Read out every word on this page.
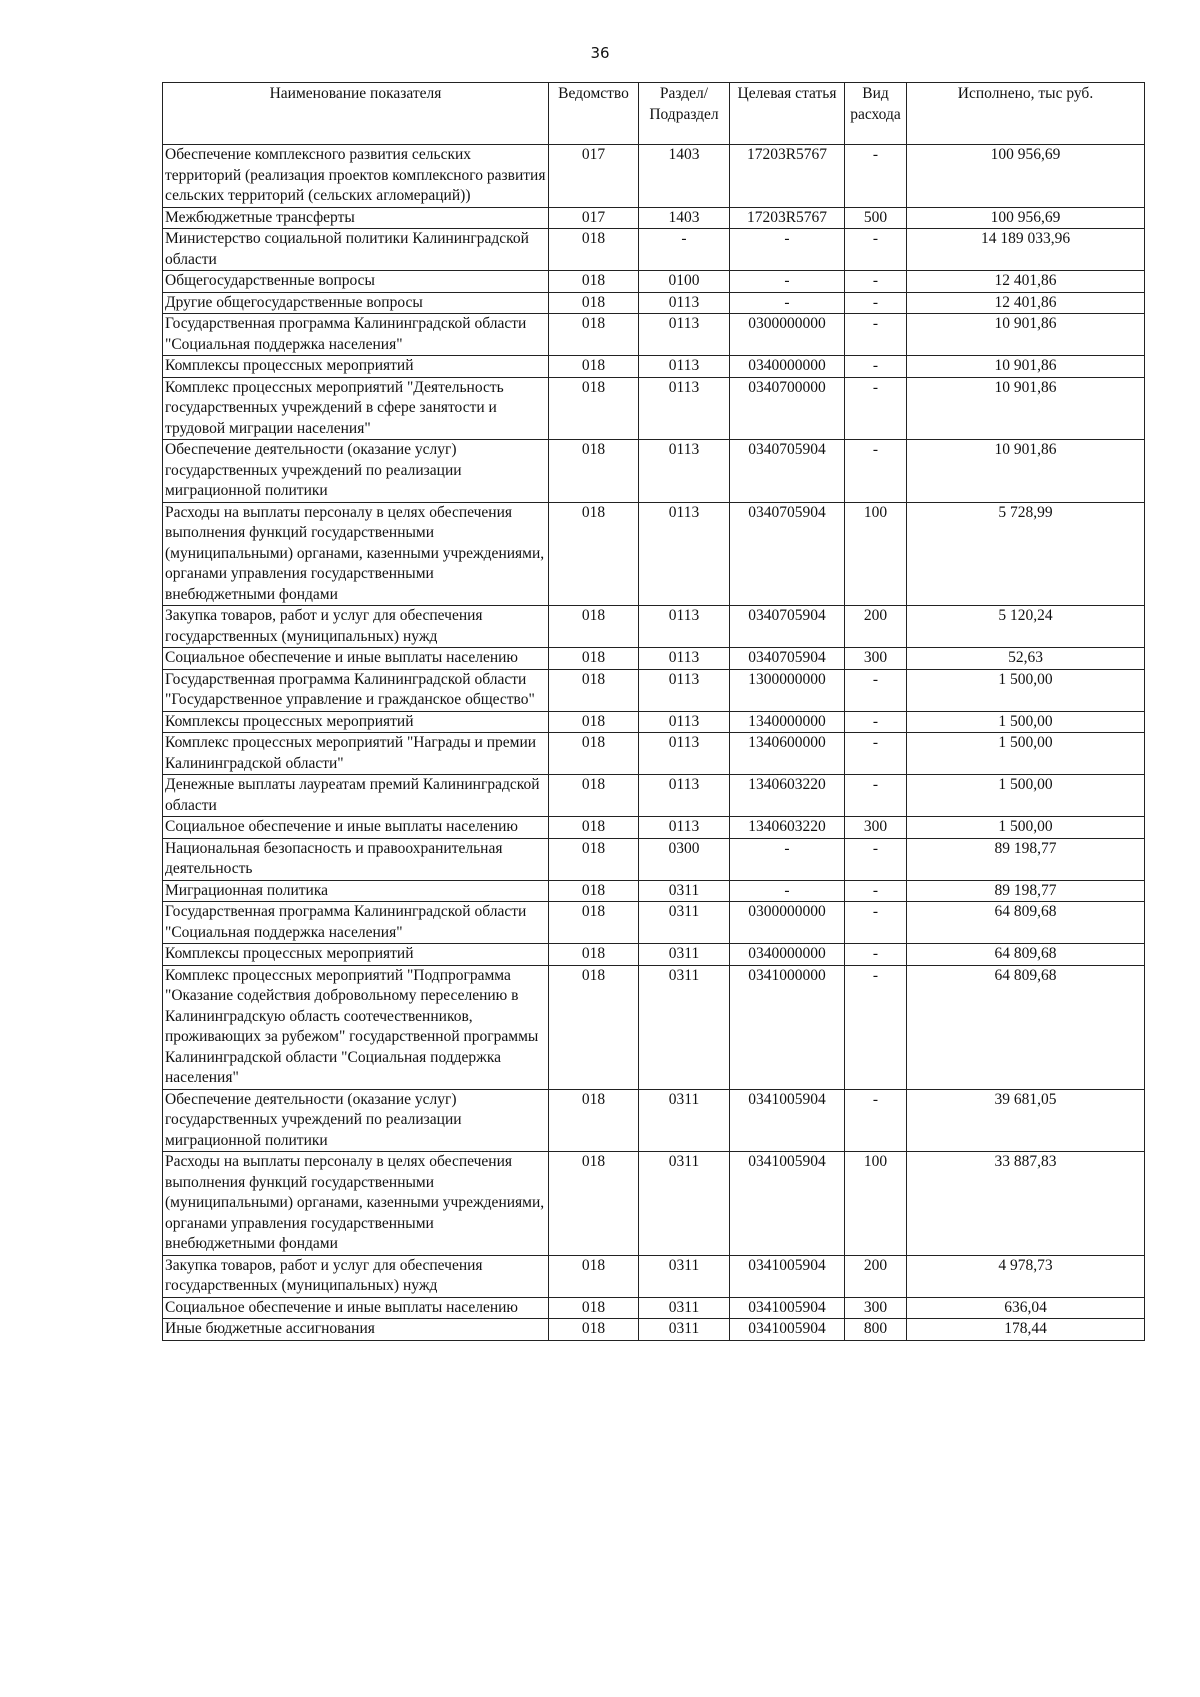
36
Наименование показателя	Ведомство	Раздел/ Подраздел	Целевая статья	Вид расхода	Исполнено, тыс руб.
Обеспечение комплексного развития сельских территорий (реализация проектов комплексного развития сельских территорий (сельских агломераций))	017	1403	17203R5767	-	100 956,69
Межбюджетные трансферты	017	1403	17203R5767	500	100 956,69
Министерство социальной политики Калининградской области	018	-	-	-	14 189 033,96
Общегосударственные вопросы	018	0100	-	-	12 401,86
Другие общегосударственные вопросы	018	0113	-	-	12 401,86
Государственная программа Калининградской области "Социальная поддержка населения"	018	0113	0300000000	-	10 901,86
Комплексы процессных мероприятий	018	0113	0340000000	-	10 901,86
Комплекс процессных мероприятий "Деятельность государственных учреждений в сфере занятости и трудовой миграции населения"	018	0113	0340700000	-	10 901,86
Обеспечение деятельности (оказание услуг) государственных учреждений по реализации миграционной политики	018	0113	0340705904	-	10 901,86
Расходы на выплаты персоналу в целях обеспечения выполнения функций государственными (муниципальными) органами, казенными учреждениями, органами управления государственными внебюджетными фондами	018	0113	0340705904	100	5 728,99
Закупка товаров, работ и услуг для обеспечения государственных (муниципальных) нужд	018	0113	0340705904	200	5 120,24
Социальное обеспечение и иные выплаты населению	018	0113	0340705904	300	52,63
Государственная программа Калининградской области "Государственное управление и гражданское общество"	018	0113	1300000000	-	1 500,00
Комплексы процессных мероприятий	018	0113	1340000000	-	1 500,00
Комплекс процессных мероприятий "Награды и премии Калининградской области"	018	0113	1340600000	-	1 500,00
Денежные выплаты лауреатам премий Калининградской области	018	0113	1340603220	-	1 500,00
Социальное обеспечение и иные выплаты населению	018	0113	1340603220	300	1 500,00
Национальная безопасность и правоохранительная деятельность	018	0300	-	-	89 198,77
Миграционная политика	018	0311	-	-	89 198,77
Государственная программа Калининградской области "Социальная поддержка населения"	018	0311	0300000000	-	64 809,68
Комплексы процессных мероприятий	018	0311	0340000000	-	64 809,68
Комплекс процессных мероприятий "Подпрограмма "Оказание содействия добровольному переселению в Калининградскую область соотечественников, проживающих за рубежом" государственной программы Калининградской области "Социальная поддержка населения"	018	0311	0341000000	-	64 809,68
Обеспечение деятельности (оказание услуг) государственных учреждений по реализации миграционной политики	018	0311	0341005904	-	39 681,05
Расходы на выплаты персоналу в целях обеспечения выполнения функций государственными (муниципальными) органами, казенными учреждениями, органами управления государственными внебюджетными фондами	018	0311	0341005904	100	33 887,83
Закупка товаров, работ и услуг для обеспечения государственных (муниципальных) нужд	018	0311	0341005904	200	4 978,73
Социальное обеспечение и иные выплаты населению	018	0311	0341005904	300	636,04
Иные бюджетные ассигнования	018	0311	0341005904	800	178,44
